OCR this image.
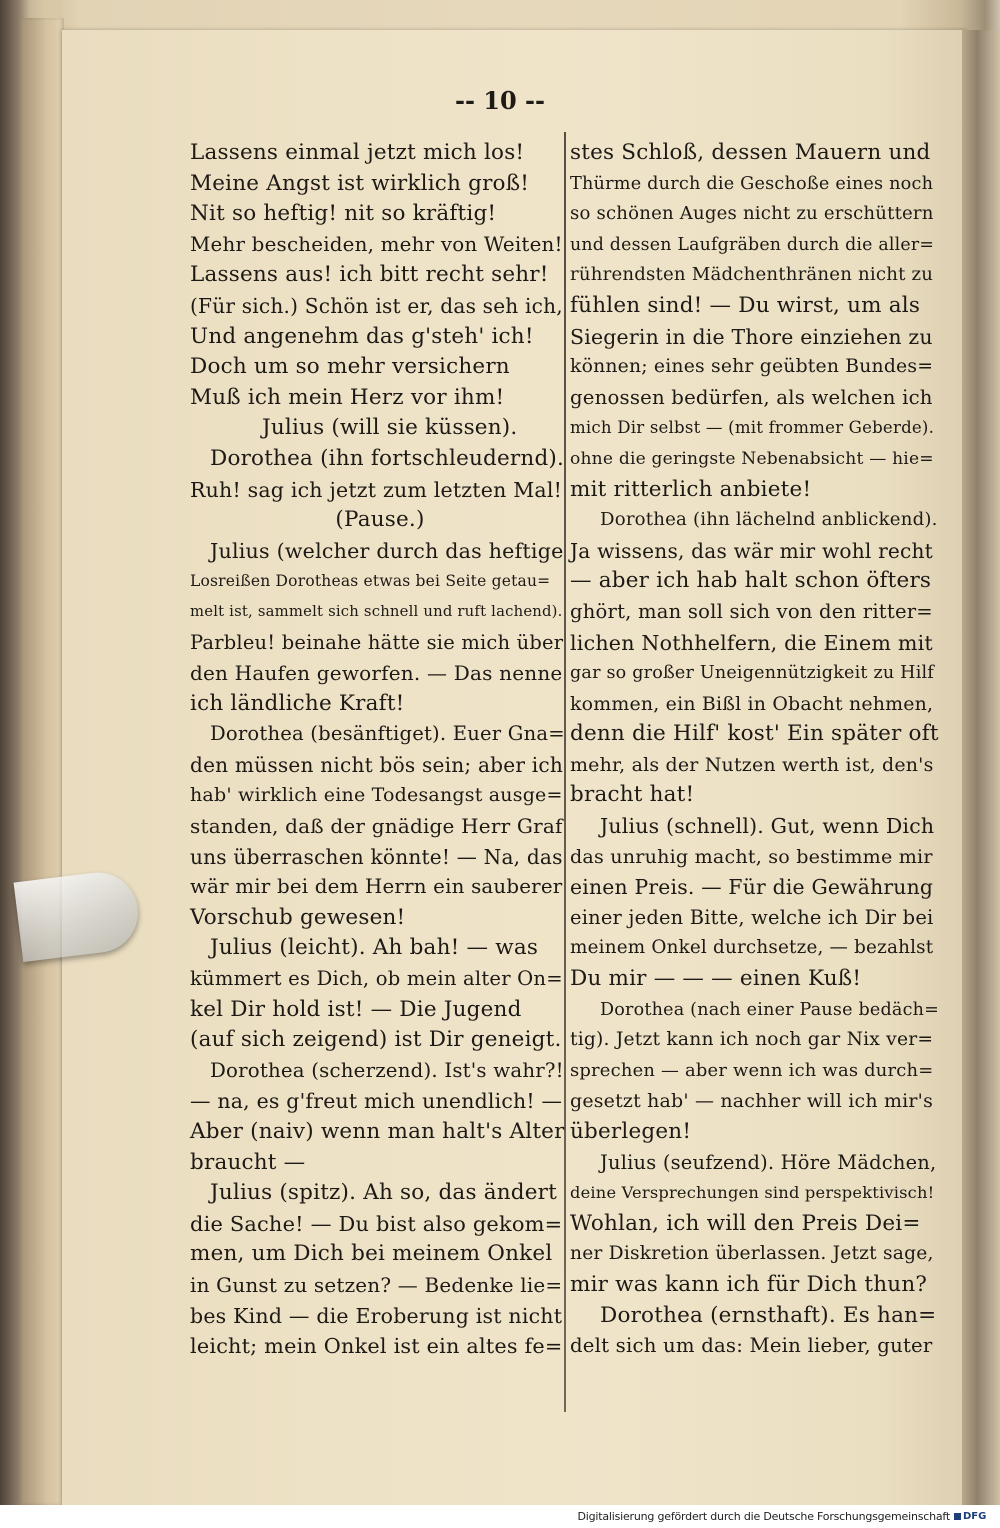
-- 10 --
Lassens einmal jetzt mich los!
Meine Angst ist wirklich groß!
Nit so heftig! nit so kräftig!
Mehr bescheiden, mehr von Weiten!
Lassens aus! ich bitt recht sehr!
(Für sich.) Schön ist er, das seh ich,
Und angenehm das g'steh' ich!
Doch um so mehr versichern
Muß ich mein Herz vor ihm!
Julius (will sie küssen).
Dorothea (ihn fortschleudernd).
Ruh! sag ich jetzt zum letzten Mal!
(Pause.)
Julius (welcher durch das heftige
Losreißen Dorotheas etwas bei Seite getau=
melt ist, sammelt sich schnell und ruft lachend).
Parbleu! beinahe hätte sie mich über
den Haufen geworfen. — Das nenne
ich ländliche Kraft!
Dorothea (besänftiget). Euer Gna=
den müssen nicht bös sein; aber ich
hab' wirklich eine Todesangst ausge=
standen, daß der gnädige Herr Graf
uns überraschen könnte! — Na, das
wär mir bei dem Herrn ein sauberer
Vorschub gewesen!
Julius (leicht). Ah bah! — was
kümmert es Dich, ob mein alter On=
kel Dir hold ist! — Die Jugend
(auf sich zeigend) ist Dir geneigt.
Dorothea (scherzend). Ist's wahr?!
— na, es g'freut mich unendlich! —
Aber (naiv) wenn man halt's Alter
braucht —
Julius (spitz). Ah so, das ändert
die Sache! — Du bist also gekom=
men, um Dich bei meinem Onkel
in Gunst zu setzen? — Bedenke lie=
bes Kind — die Eroberung ist nicht
leicht; mein Onkel ist ein altes fe=
stes Schloß, dessen Mauern und
Thürme durch die Geschoße eines noch
so schönen Auges nicht zu erschüttern
und dessen Laufgräben durch die aller=
rührendsten Mädchenthränen nicht zu
fühlen sind! — Du wirst, um als
Siegerin in die Thore einziehen zu
können; eines sehr geübten Bundes=
genossen bedürfen, als welchen ich
mich Dir selbst — (mit frommer Geberde).
ohne die geringste Nebenabsicht — hie=
mit ritterlich anbiete!
Dorothea (ihn lächelnd anblickend).
Ja wissens, das wär mir wohl recht
— aber ich hab halt schon öfters
ghört, man soll sich von den ritter=
lichen Nothhelfern, die Einem mit
gar so großer Uneigennützigkeit zu Hilf
kommen, ein Bißl in Obacht nehmen,
denn die Hilf' kost' Ein später oft
mehr, als der Nutzen werth ist, den's
bracht hat!
Julius (schnell). Gut, wenn Dich
das unruhig macht, so bestimme mir
einen Preis. — Für die Gewährung
einer jeden Bitte, welche ich Dir bei
meinem Onkel durchsetze, — bezahlst
Du mir — — — einen Kuß!
Dorothea (nach einer Pause bedäch=
tig). Jetzt kann ich noch gar Nix ver=
sprechen — aber wenn ich was durch=
gesetzt hab' — nachher will ich mir's
überlegen!
Julius (seufzend). Höre Mädchen,
deine Versprechungen sind perspektivisch!
Wohlan, ich will den Preis Dei=
ner Diskretion überlassen. Jetzt sage,
mir was kann ich für Dich thun?
Dorothea (ernsthaft). Es han=
delt sich um das: Mein lieber, guter
Digitalisierung gefördert durch die Deutsche Forschungsgemeinschaft DFG
